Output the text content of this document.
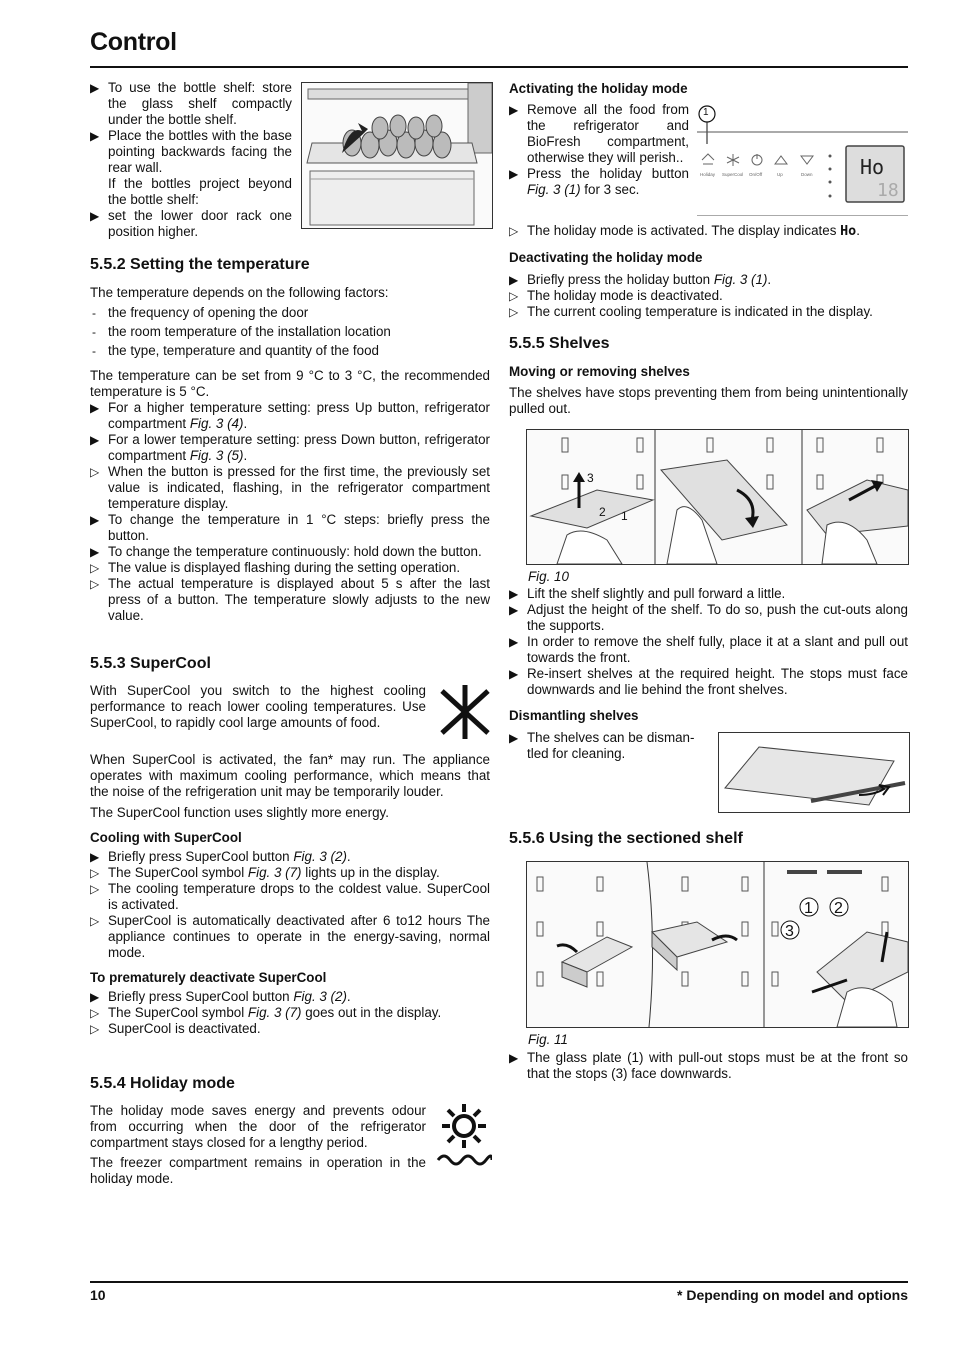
Control
▶ To use the bottle shelf: store the glass shelf compactly under the bottle shelf.
▶ Place the bottles with the base pointing backwards facing the rear wall.
If the bottles project beyond the bottle shelf:
▶ set the lower door rack one position higher.
5.5.2 Setting the temperature

The temperature depends on the following factors:

- the frequency of opening the door
- the room temperature of the installation location
- the type, temperature and quantity of the food

The temperature can be set from 9 °C to 3 °C, the recommended temperature is 5 °C.

▶ For a higher temperature setting: press Up button, refrigerator compartment Fig. 3 (4).
▶ For a lower temperature setting: press Down button, refrigerator compartment Fig. 3 (5).
▷ When the button is pressed for the first time, the previously set value is indicated, flashing, in the refrigerator compartment temperature display.
▶ To change the temperature in 1 °C steps: briefly press the button.
▶ To change the temperature continuously: hold down the button.
▷ The value is displayed flashing during the setting operation.
▷ The actual temperature is displayed about 5 s after the last press of a button. The temperature slowly adjusts to the new value.
5.5.3 SuperCool

With SuperCool you switch to the highest cooling performance to reach lower cooling temperatures. Use SuperCool, to rapidly cool large amounts of food.

When SuperCool is activated, the fan* may run. The appliance operates with maximum cooling performance, which means that the noise of the refrigeration unit may be temporarily louder.

The SuperCool function uses slightly more energy.

Cooling with SuperCool
▶ Briefly press SuperCool button Fig. 3 (2).
▷ The SuperCool symbol Fig. 3 (7) lights up in the display.
▷ The cooling temperature drops to the coldest value. SuperCool is activated.
▷ SuperCool is automatically deactivated after 6 to12 hours The appliance continues to operate in the energy-saving, normal mode.
To prematurely deactivate SuperCool
▶ Briefly press SuperCool button Fig. 3 (2).
▷ The SuperCool symbol Fig. 3 (7) goes out in the display.
▷ SuperCool is deactivated.
5.5.4 Holiday mode

The holiday mode saves energy and prevents odour from occurring when the door of the refrigerator compartment stays closed for a lengthy period.

The freezer compartment remains in operation in the holiday mode.

Activating the holiday mode
▶ Remove all the food from the refrigerator and BioFresh compartment, otherwise they will perish..
▶ Press the holiday button Fig. 3 (1) for 3 sec.
Holiday SuperCool On/Off	Up	Down Ho
18
1
▷ The holiday mode is activated. The display indicates Ho.
Deactivating the holiday mode
▶ Briefly press the holiday button Fig. 3 (1).
▷ The holiday mode is deactivated.
▷ The current cooling temperature is indicated in the display.
5.5.5 Shelves
Moving or removing shelves

The shelves have stops preventing them from being unintentionally pulled out.

3
2 1
Fig. 10
▶ Lift the shelf slightly and pull forward a little.
▶ Adjust the height of the shelf. To do so, push the cut-outs along the supports.
▶ In order to remove the shelf fully, place it at a slant and pull out towards the front.
▶ Re-insert shelves at the required height. The stops must face downwards and lie behind the front shelves.
Dismantling shelves
▶ The shelves can be dismantled for cleaning.
5.5.6 Using the sectioned shelf
1 2
3
Fig. 11
▶ The glass plate (1) with pull-out stops must be at the front so that the stops (3) face downwards.
10	* Depending on model and options
